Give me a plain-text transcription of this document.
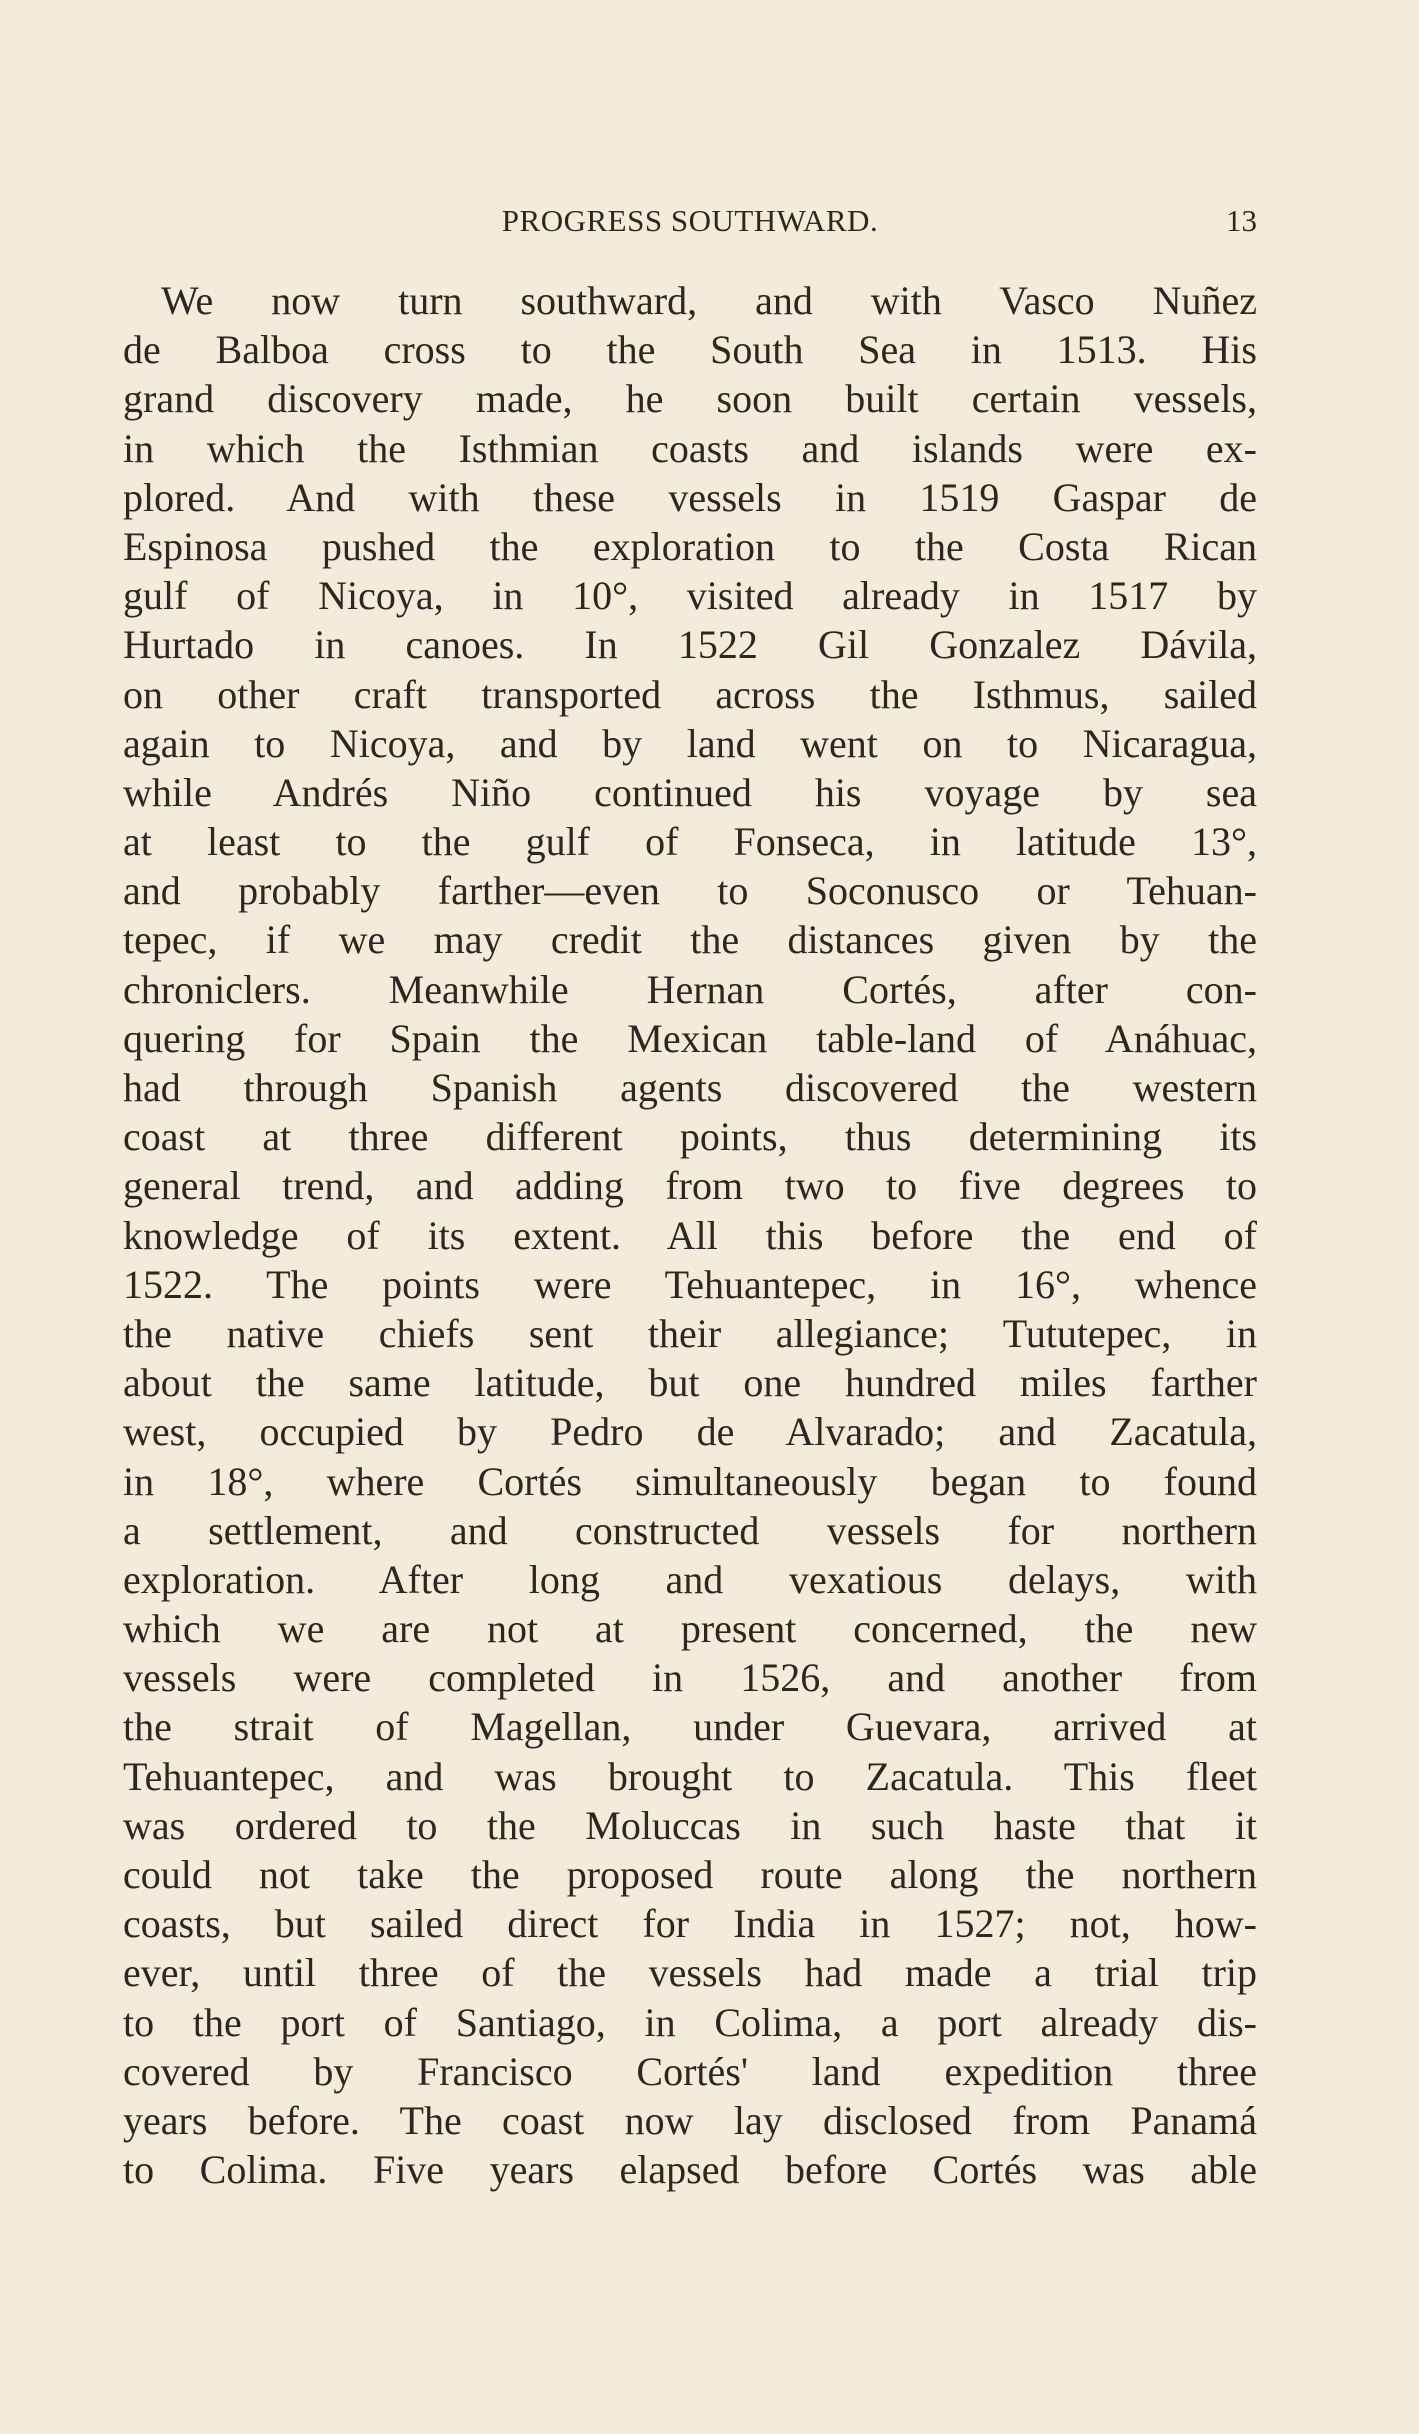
PROGRESS SOUTHWARD.	13
We now turn southward, and with Vasco Nuñez
de Balboa cross to the South Sea in 1513. His
grand discovery made, he soon built certain vessels,
in which the Isthmian coasts and islands were ex-
plored. And with these vessels in 1519 Gaspar de
Espinosa pushed the exploration to the Costa Rican
gulf of Nicoya, in 10°, visited already in 1517 by
Hurtado in canoes. In 1522 Gil Gonzalez Dávila,
on other craft transported across the Isthmus, sailed
again to Nicoya, and by land went on to Nicaragua,
while Andrés Niño continued his voyage by sea
at least to the gulf of Fonseca, in latitude 13°,
and probably farther—even to Soconusco or Tehuan-
tepec, if we may credit the distances given by the
chroniclers. Meanwhile Hernan Cortés, after con-
quering for Spain the Mexican table-land of Anáhuac,
had through Spanish agents discovered the western
coast at three different points, thus determining its
general trend, and adding from two to five degrees to
knowledge of its extent. All this before the end of
1522. The points were Tehuantepec, in 16°, whence
the native chiefs sent their allegiance; Tututepec, in
about the same latitude, but one hundred miles farther
west, occupied by Pedro de Alvarado; and Zacatula,
in 18°, where Cortés simultaneously began to found
a settlement, and constructed vessels for northern
exploration. After long and vexatious delays, with
which we are not at present concerned, the new
vessels were completed in 1526, and another from
the strait of Magellan, under Guevara, arrived at
Tehuantepec, and was brought to Zacatula. This fleet
was ordered to the Moluccas in such haste that it
could not take the proposed route along the northern
coasts, but sailed direct for India in 1527; not, how-
ever, until three of the vessels had made a trial trip
to the port of Santiago, in Colima, a port already dis-
covered by Francisco Cortés' land expedition three
years before. The coast now lay disclosed from Panamá
to Colima. Five years elapsed before Cortés was able
